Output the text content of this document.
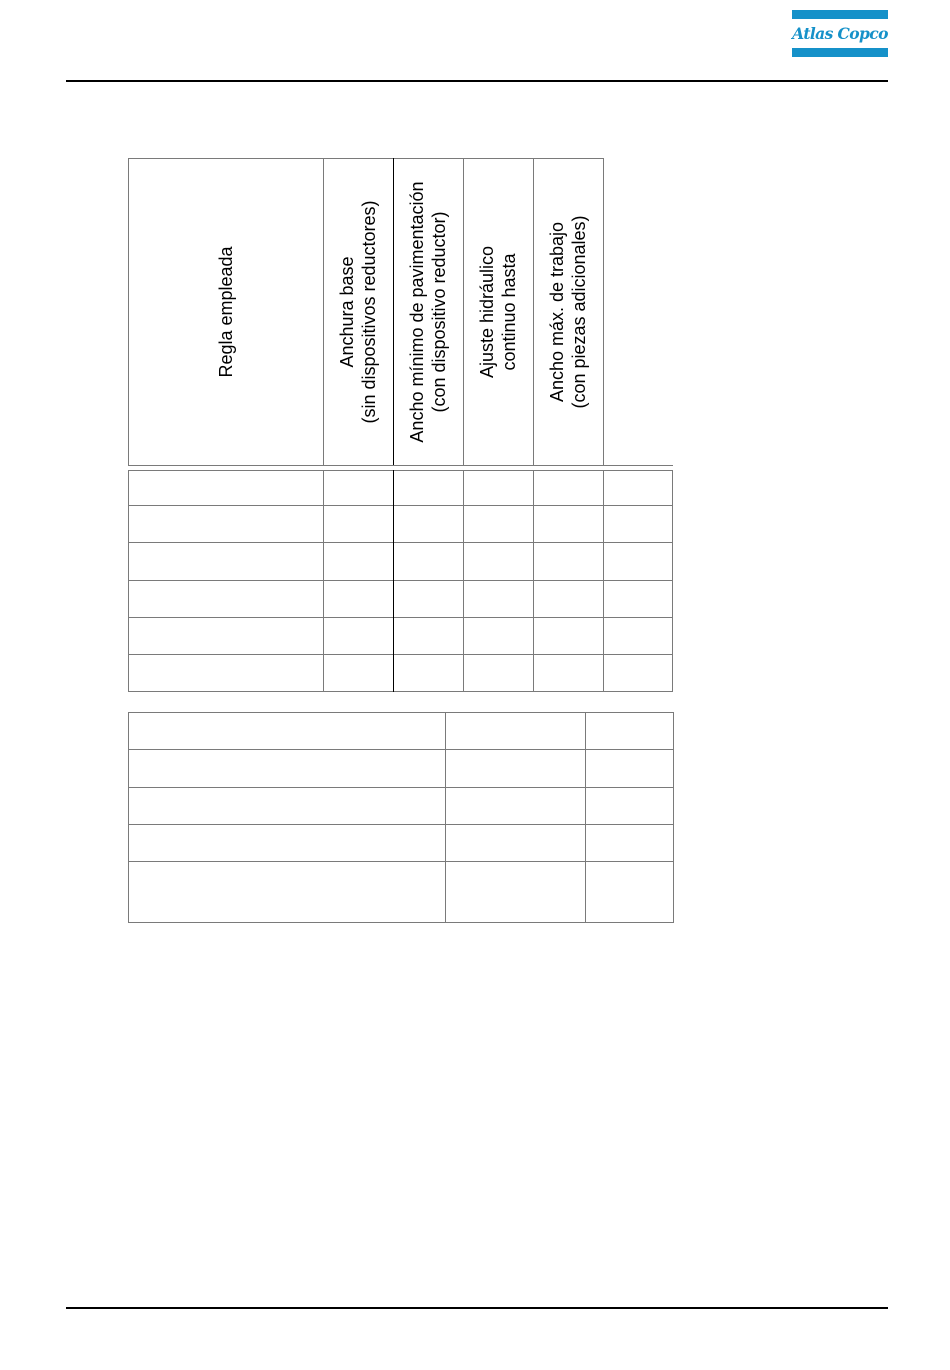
Atlas Copco
Regla empleada	Anchura base (sin dispositivos reductores) Ancho mínimo de pavimentación (con dispositivo reductor) Ajuste hidráulico continuo hasta Ancho máx. de trabajo (con piezas adicionales)
